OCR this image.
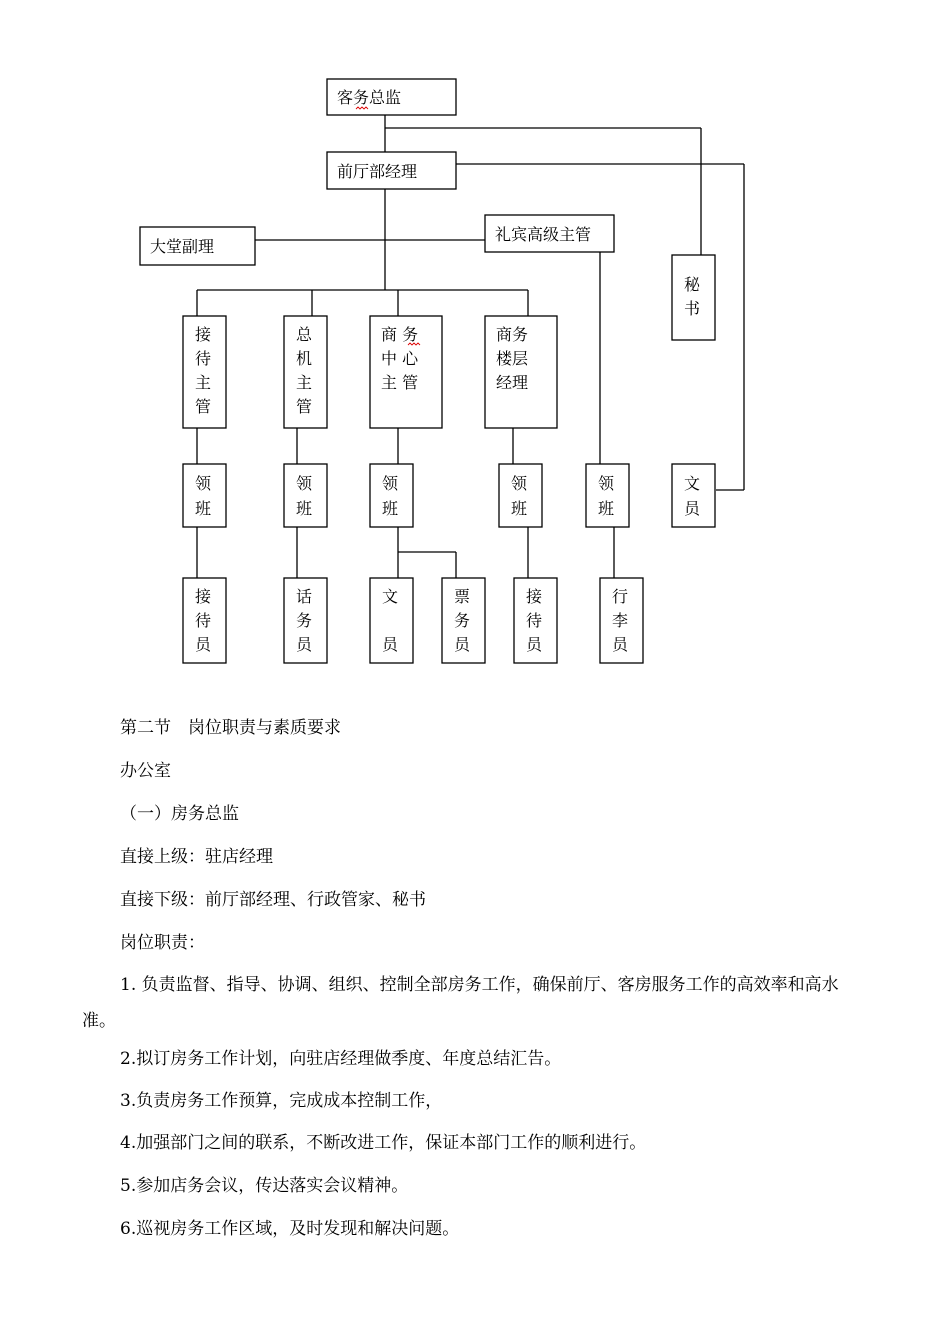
客务总监
前厅部经理
大堂副理
礼宾高级主管
秘
书
接
待
主
管
总
机
主
管
商 务
中 心
主 管
商务
楼层
经理
领
班
领
班
领
班
领
班
领
班
文
员
接
待
员
话
务
员
文
员
票
务
员
接
待
员
行
李
员
第二节　岗位职责与素质要求
办公室
（一）房务总监
直接上级：驻店经理
直接下级：前厅部经理、行政管家、秘书
岗位职责：
1. 负责监督、指导、协调、组织、控制全部房务工作，确保前厅、客房服务工作的高效率和高水准。
2.拟订房务工作计划，向驻店经理做季度、年度总结汇告。
3.负责房务工作预算，完成成本控制工作，
4.加强部门之间的联系，不断改进工作，保证本部门工作的顺利进行。
5.参加店务会议，传达落实会议精神。
6.巡视房务工作区域，及时发现和解决问题。
